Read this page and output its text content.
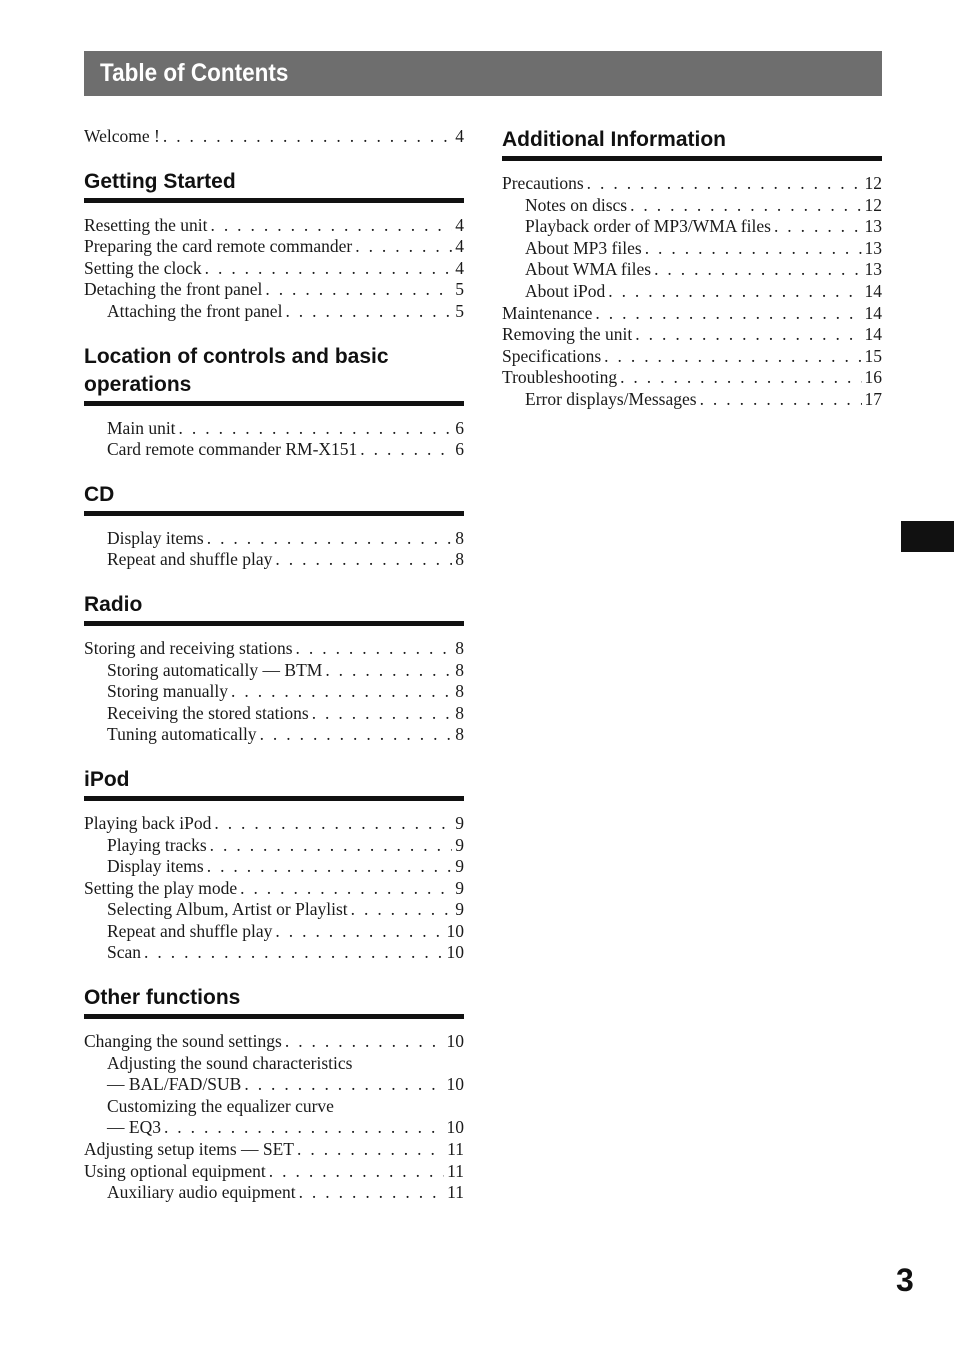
Table of Contents
Welcome ! . . .	4
Getting Started
Resetting the unit . . .	4
Preparing the card remote commander . . .	4
Setting the clock . . .	4
Detaching the front panel . . .	5
Attaching the front panel . . .	5
Location of controls and basic operations
Main unit . . .	6
Card remote commander RM-X151 . . .	6
CD
Display items . . .	8
Repeat and shuffle play . . .	8
Radio
Storing and receiving stations . . .	8
Storing automatically — BTM . . .	8
Storing manually . . .	8
Receiving the stored stations . . .	8
Tuning automatically . . .	8
iPod
Playing back iPod . . .	9
Playing tracks . . .	9
Display items . . .	9
Setting the play mode . . .	9
Selecting Album, Artist or Playlist . . .	9
Repeat and shuffle play . . .	10
Scan . . .	10
Other functions
Changing the sound settings . . .	10
Adjusting the sound characteristics
— BAL/FAD/SUB . . .	10
Customizing the equalizer curve
— EQ3 . . .	10
Adjusting setup items — SET . . .	11
Using optional equipment . . .	11
Auxiliary audio equipment . . .	11
Additional Information
Precautions . . .	12
Notes on discs . . .	12
Playback order of MP3/WMA files . . .	13
About MP3 files . . .	13
About WMA files . . .	13
About iPod . . .	14
Maintenance . . .	14
Removing the unit . . .	14
Specifications . . .	15
Troubleshooting . . .	16
Error displays/Messages . . .	17
3
